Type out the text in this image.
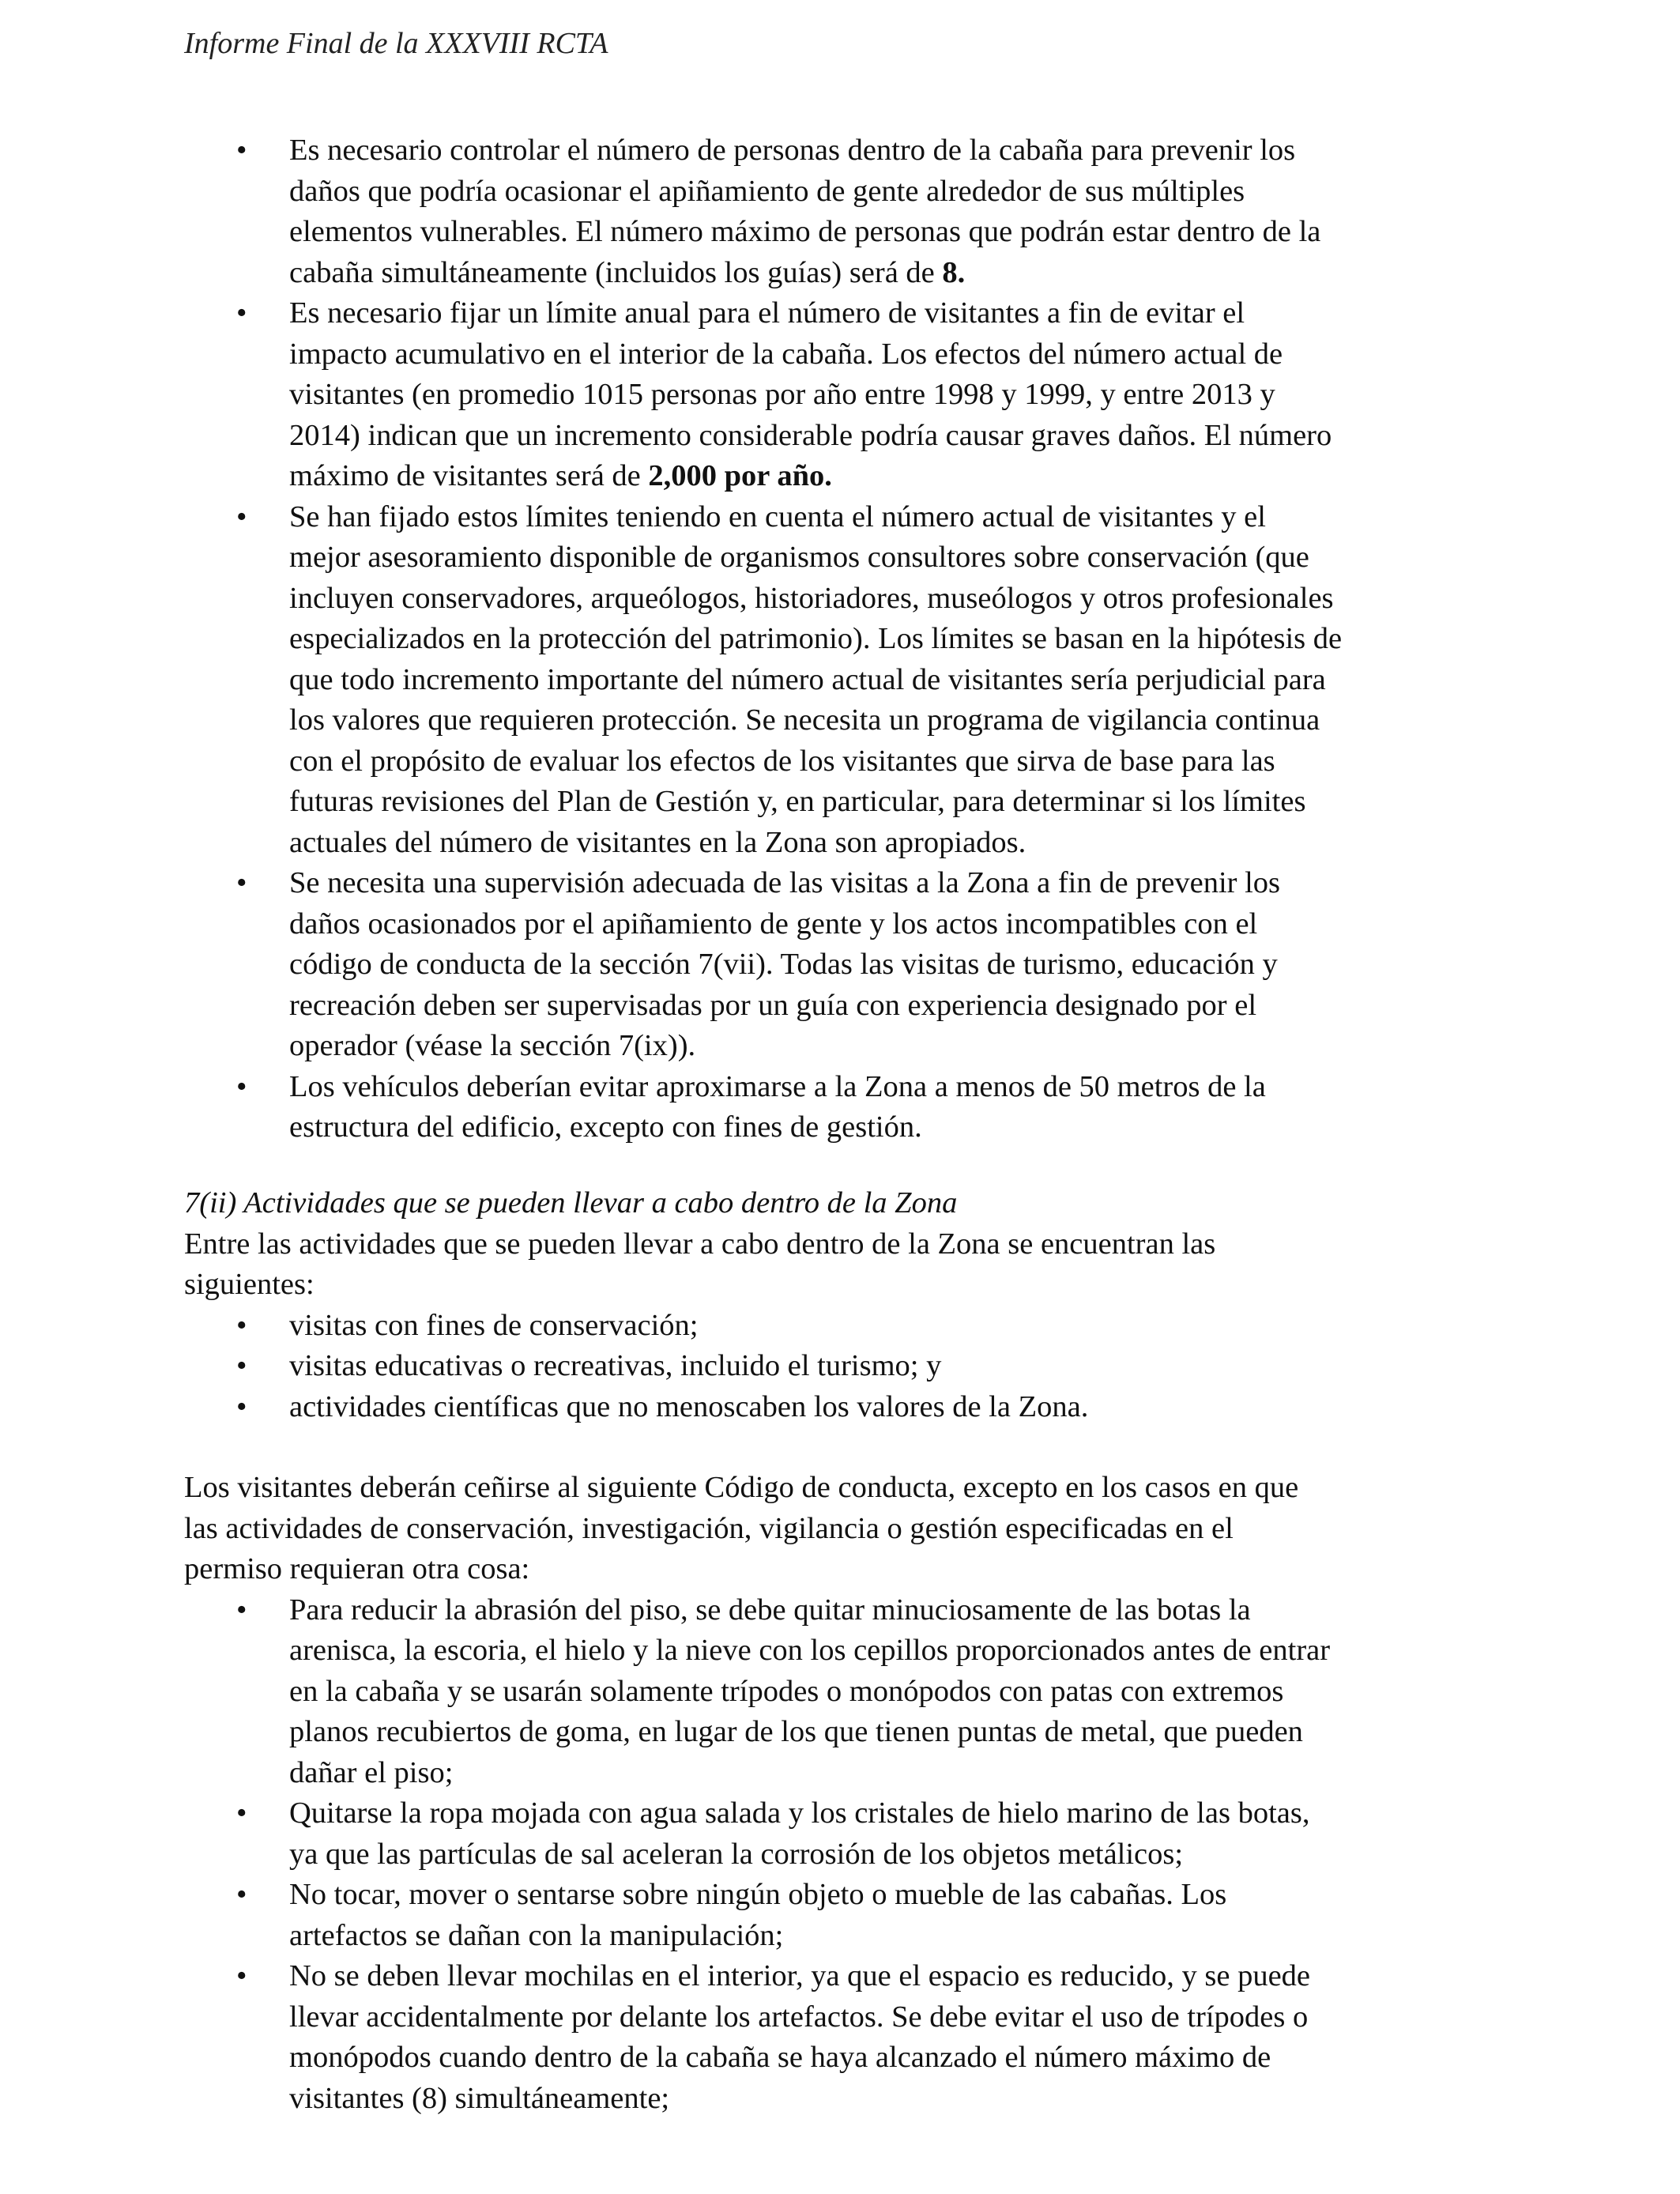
Informe Final de la XXXVIII RCTA
•	Es necesario controlar el número de personas dentro de la cabaña para prevenir los
daños que podría ocasionar el apiñamiento de gente alrededor de sus múltiples
elementos vulnerables. El número máximo de personas que podrán estar dentro de la
cabaña simultáneamente (incluidos los guías) será de 8.
•	Es necesario fijar un límite anual para el número de visitantes a fin de evitar el
impacto acumulativo en el interior de la cabaña. Los efectos del número actual de
visitantes (en promedio 1015 personas por año entre 1998 y 1999, y entre 2013 y
2014) indican que un incremento considerable podría causar graves daños. El número
máximo de visitantes será de 2,000 por año.
•	Se han fijado estos límites teniendo en cuenta el número actual de visitantes y el
mejor asesoramiento disponible de organismos consultores sobre conservación (que
incluyen conservadores, arqueólogos, historiadores, museólogos y otros profesionales
especializados en la protección del patrimonio). Los límites se basan en la hipótesis de
que todo incremento importante del número actual de visitantes sería perjudicial para
los valores que requieren protección. Se necesita un programa de vigilancia continua
con el propósito de evaluar los efectos de los visitantes que sirva de base para las
futuras revisiones del Plan de Gestión y, en particular, para determinar si los límites
actuales del número de visitantes en la Zona son apropiados.
•	Se necesita una supervisión adecuada de las visitas a la Zona a fin de prevenir los
daños ocasionados por el apiñamiento de gente y los actos incompatibles con el
código de conducta de la sección 7(vii). Todas las visitas de turismo, educación y
recreación deben ser supervisadas por un guía con experiencia designado por el
operador (véase la sección 7(ix)).
•	Los vehículos deberían evitar aproximarse a la Zona a menos de 50 metros de la
estructura del edificio, excepto con fines de gestión.

7(ii) Actividades que se pueden llevar a cabo dentro de la Zona

Entre las actividades que se pueden llevar a cabo dentro de la Zona se encuentran las
siguientes:
•	visitas con fines de conservación;
•	visitas educativas o recreativas, incluido el turismo; y
•	actividades científicas que no menoscaben los valores de la Zona.
Los visitantes deberán ceñirse al siguiente Código de conducta, excepto en los casos en que
las actividades de conservación, investigación, vigilancia o gestión especificadas en el
permiso requieran otra cosa:
•	Para reducir la abrasión del piso, se debe quitar minuciosamente de las botas la
arenisca, la escoria, el hielo y la nieve con los cepillos proporcionados antes de entrar
en la cabaña y se usarán solamente trípodes o monópodos con patas con extremos
planos recubiertos de goma, en lugar de los que tienen puntas de metal, que pueden
dañar el piso;
•	Quitarse la ropa mojada con agua salada y los cristales de hielo marino de las botas,
ya que las partículas de sal aceleran la corrosión de los objetos metálicos;
•	No tocar, mover o sentarse sobre ningún objeto o mueble de las cabañas. Los
artefactos se dañan con la manipulación;
•	No se deben llevar mochilas en el interior, ya que el espacio es reducido, y se puede
llevar accidentalmente por delante los artefactos. Se debe evitar el uso de trípodes o
monópodos cuando dentro de la cabaña se haya alcanzado el número máximo de
visitantes (8) simultáneamente;
